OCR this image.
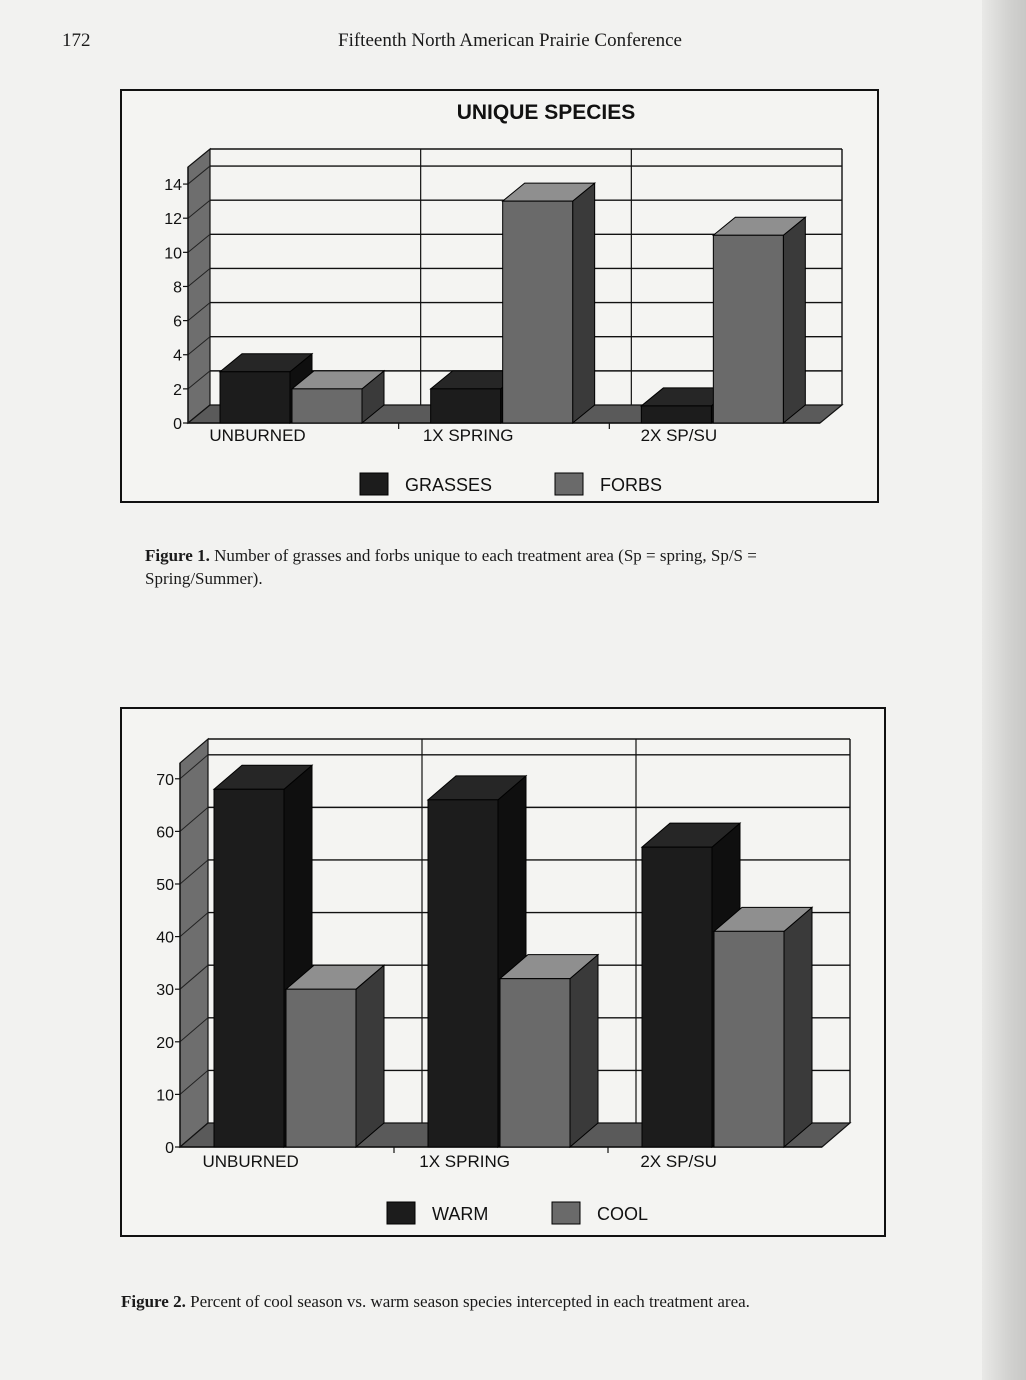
172	Fifteenth North American Prairie Conference
UNIQUE SPECIES
0
2
4
6
8
10
12
14
UNBURNED	1X SPRING	2X SP/SU
GRASSES	FORBS
Figure 1. Number of grasses and forbs unique to each treatment area (Sp = spring, Sp/S = Spring/Summer).
0
10
20
30
40
50
60
70
UNBURNED	1X SPRING	2X SP/SU
WARM	COOL
Figure 2. Percent of cool season vs. warm season species intercepted in each treatment area.
